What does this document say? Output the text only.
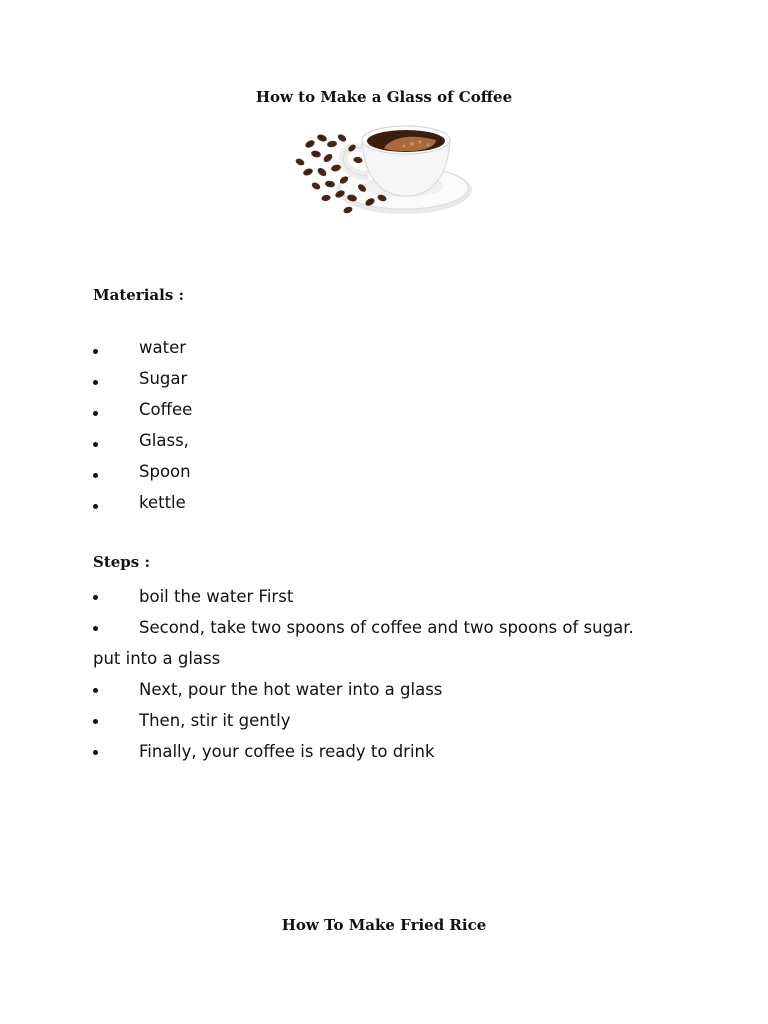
How to Make a Glass of Coffee
Materials :
water
Sugar
Coffee
Glass,
Spoon
kettle
Steps :
boil the water First
Second, take two spoons of coffee and two spoons of sugar. put into a glass
Next, pour the hot water into a glass
Then, stir it gently
Finally, your coffee is ready to drink
How To Make Fried Rice
